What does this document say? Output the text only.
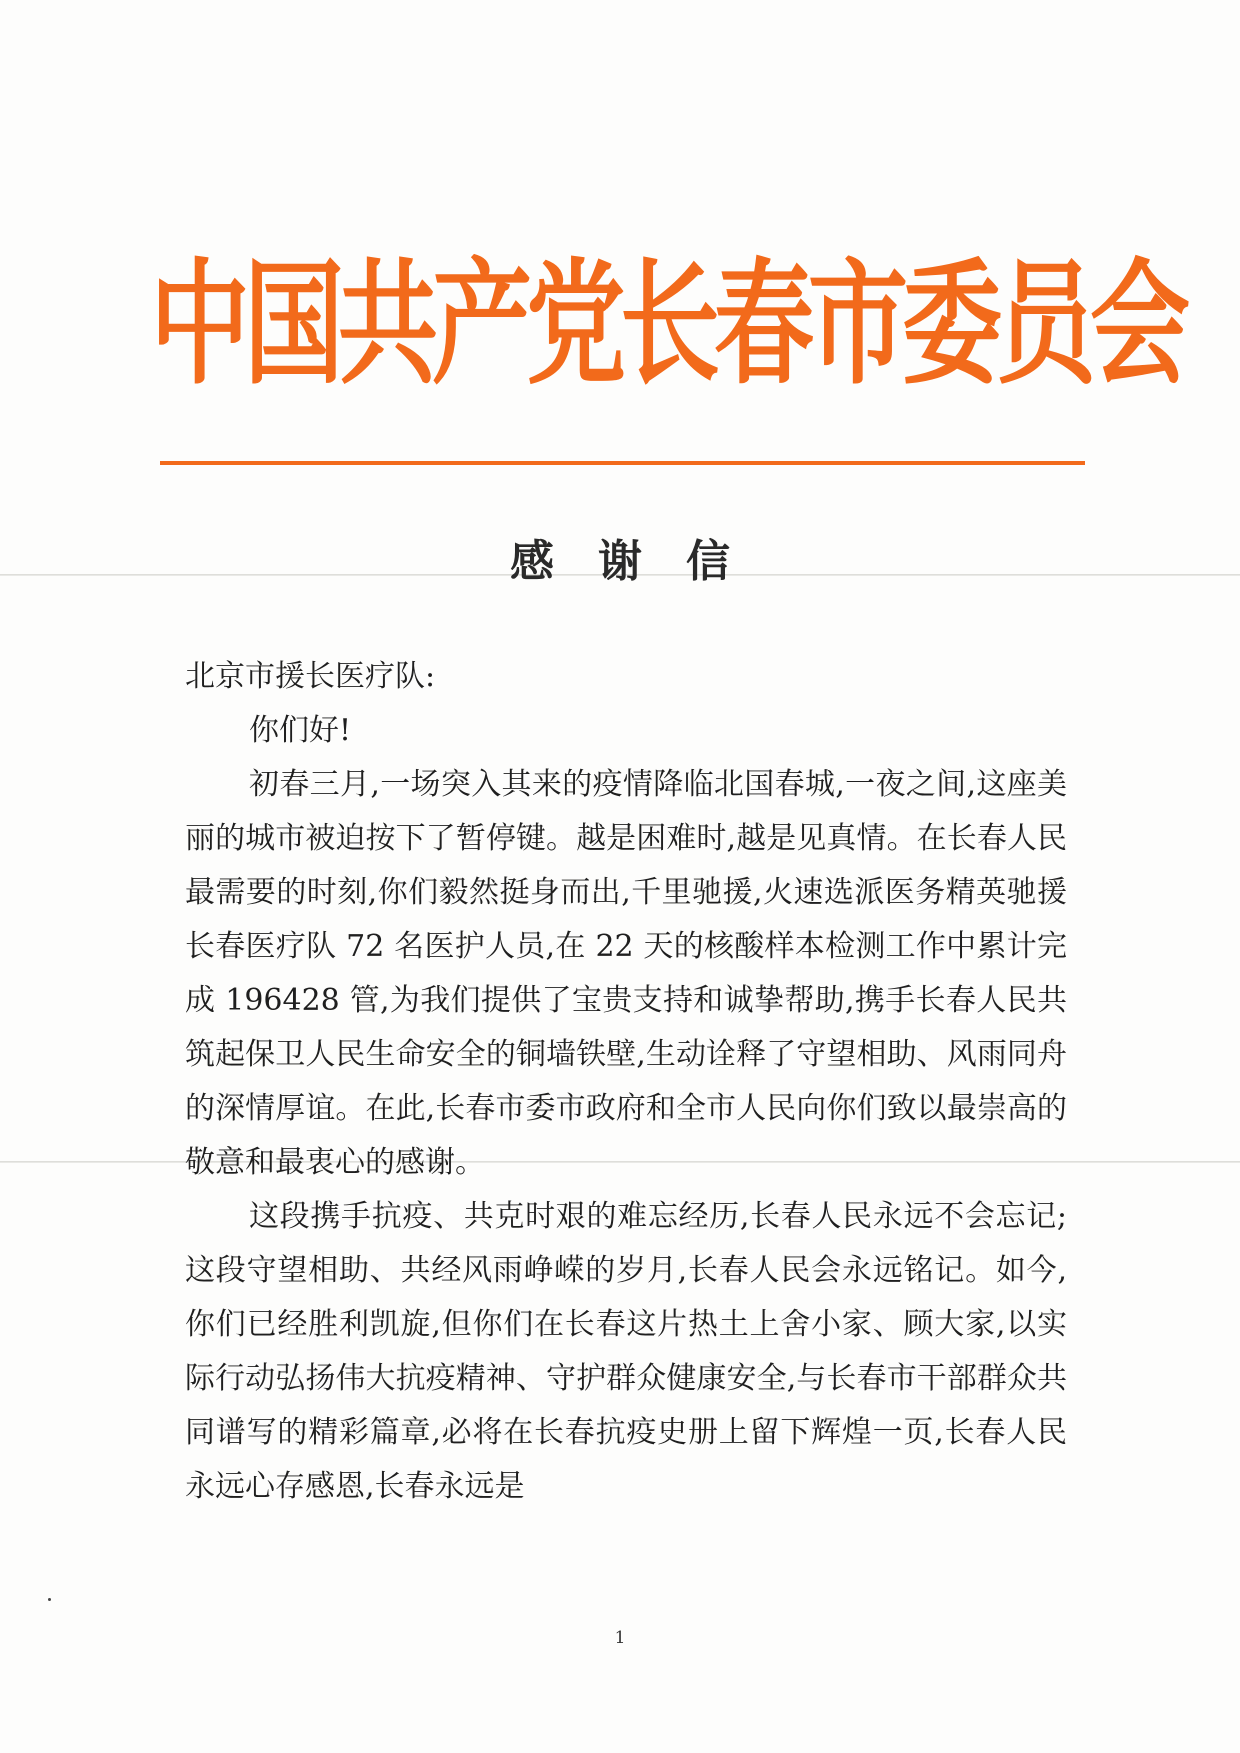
中国共产党长春市委员会
感谢信

北京市援长医疗队:

你们好!

初春三月,一场突入其来的疫情降临北国春城,一夜之间,这座美丽的城市被迫按下了暂停键。越是困难时,越是见真情。在长春人民最需要的时刻,你们毅然挺身而出,千里驰援,火速选派医务精英驰援长春医疗队 72 名医护人员,在 22 天的核酸样本检测工作中累计完成 196428 管,为我们提供了宝贵支持和诚挚帮助,携手长春人民共筑起保卫人民生命安全的铜墙铁壁,生动诠释了守望相助、风雨同舟的深情厚谊。在此,长春市委市政府和全市人民向你们致以最崇高的敬意和最衷心的感谢。

这段携手抗疫、共克时艰的难忘经历,长春人民永远不会忘记;这段守望相助、共经风雨峥嵘的岁月,长春人民会永远铭记。如今,你们已经胜利凯旋,但你们在长春这片热土上舍小家、顾大家,以实际行动弘扬伟大抗疫精神、守护群众健康安全,与长春市干部群众共同谱写的精彩篇章,必将在长春抗疫史册上留下辉煌一页,长春人民永远心存感恩,长春永远是

1
